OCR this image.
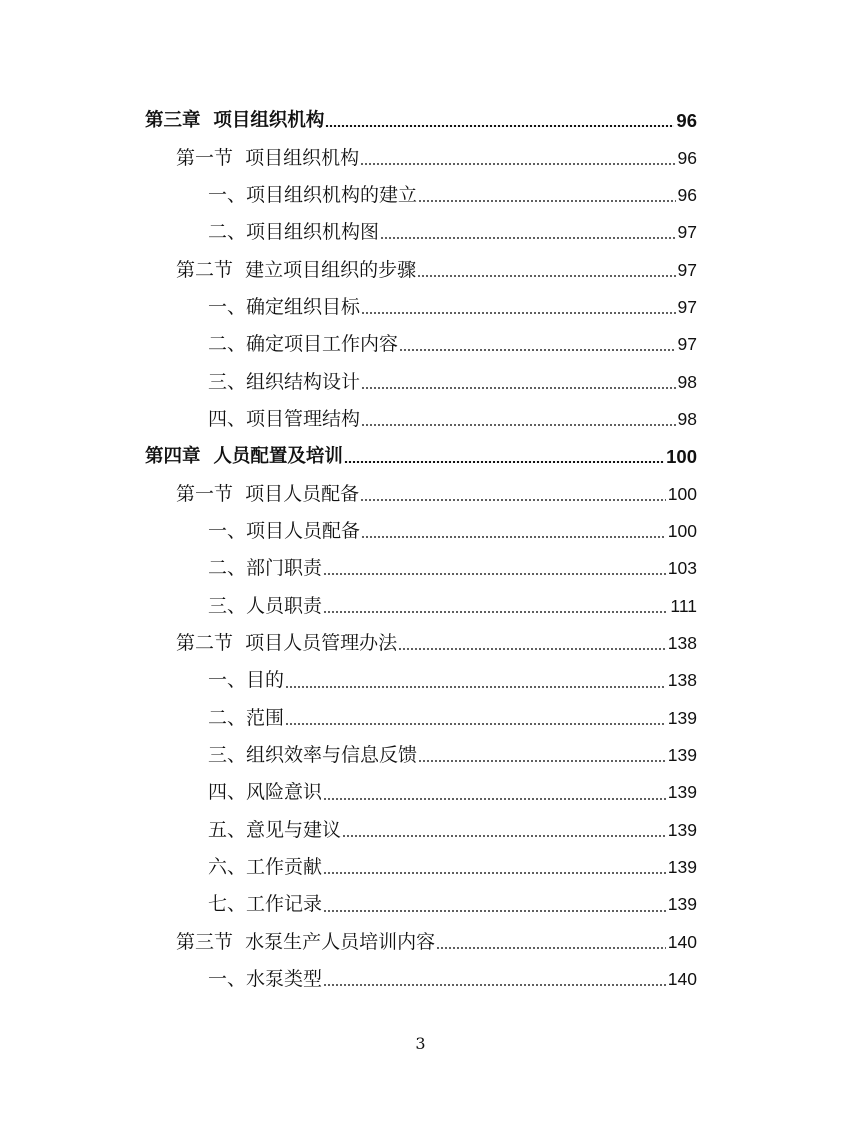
第三章  项目组织机构	96
第一节  项目组织机构	96
一、项目组织机构的建立	96
二、项目组织机构图	97
第二节  建立项目组织的步骤	97
一、确定组织目标	97
二、确定项目工作内容	97
三、组织结构设计	98
四、项目管理结构	98
第四章  人员配置及培训	100
第一节  项目人员配备	100
一、项目人员配备	100
二、部门职责	103
三、人员职责	111
第二节  项目人员管理办法	138
一、目的	138
二、范围	139
三、组织效率与信息反馈	139
四、风险意识	139
五、意见与建议	139
六、工作贡献	139
七、工作记录	139
第三节  水泵生产人员培训内容	140
一、水泵类型	140
3
